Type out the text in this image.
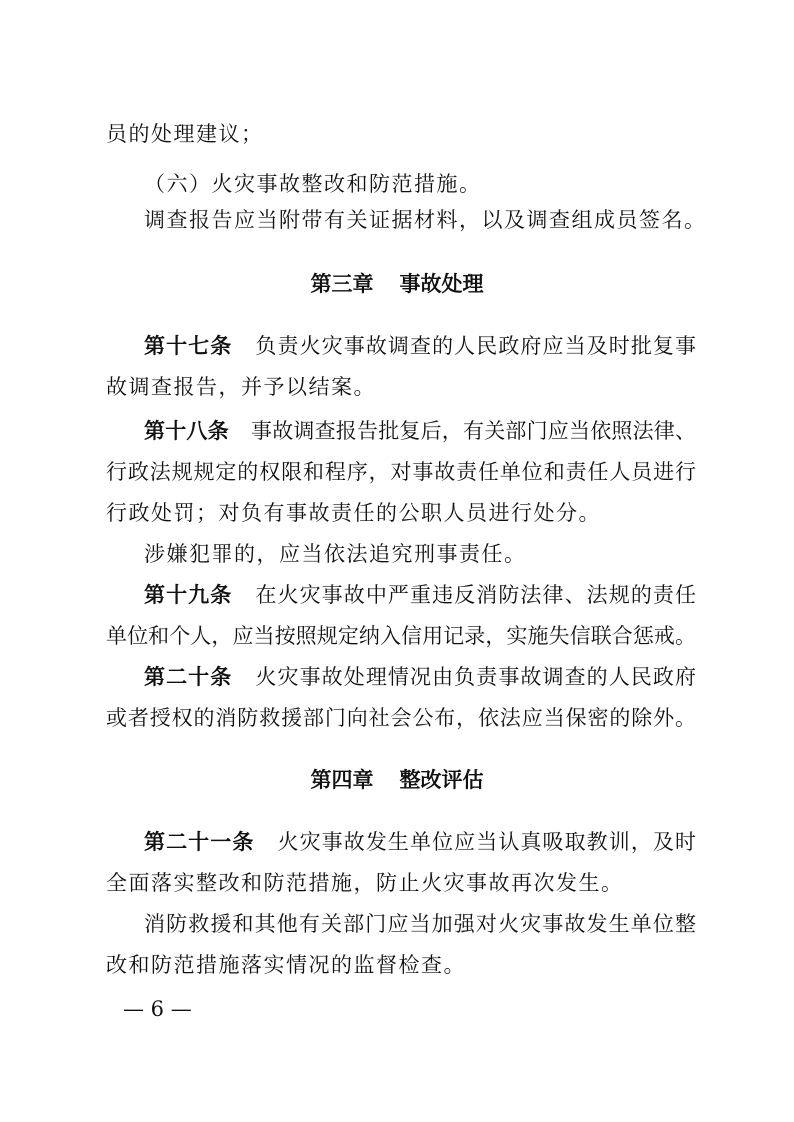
员的处理建议；
（六）火灾事故整改和防范措施。
调查报告应当附带有关证据材料，以及调查组成员签名。
第三章 事故处理
第十七条 负责火灾事故调查的人民政府应当及时批复事
故调查报告，并予以结案。
第十八条 事故调查报告批复后，有关部门应当依照法律、
行政法规规定的权限和程序，对事故责任单位和责任人员进行
行政处罚；对负有事故责任的公职人员进行处分。
涉嫌犯罪的，应当依法追究刑事责任。
第十九条 在火灾事故中严重违反消防法律、法规的责任
单位和个人，应当按照规定纳入信用记录，实施失信联合惩戒。
第二十条 火灾事故处理情况由负责事故调查的人民政府
或者授权的消防救援部门向社会公布，依法应当保密的除外。
第四章 整改评估
第二十一条 火灾事故发生单位应当认真吸取教训，及时
全面落实整改和防范措施，防止火灾事故再次发生。
消防救援和其他有关部门应当加强对火灾事故发生单位整
改和防范措施落实情况的监督检查。
— 6 —
